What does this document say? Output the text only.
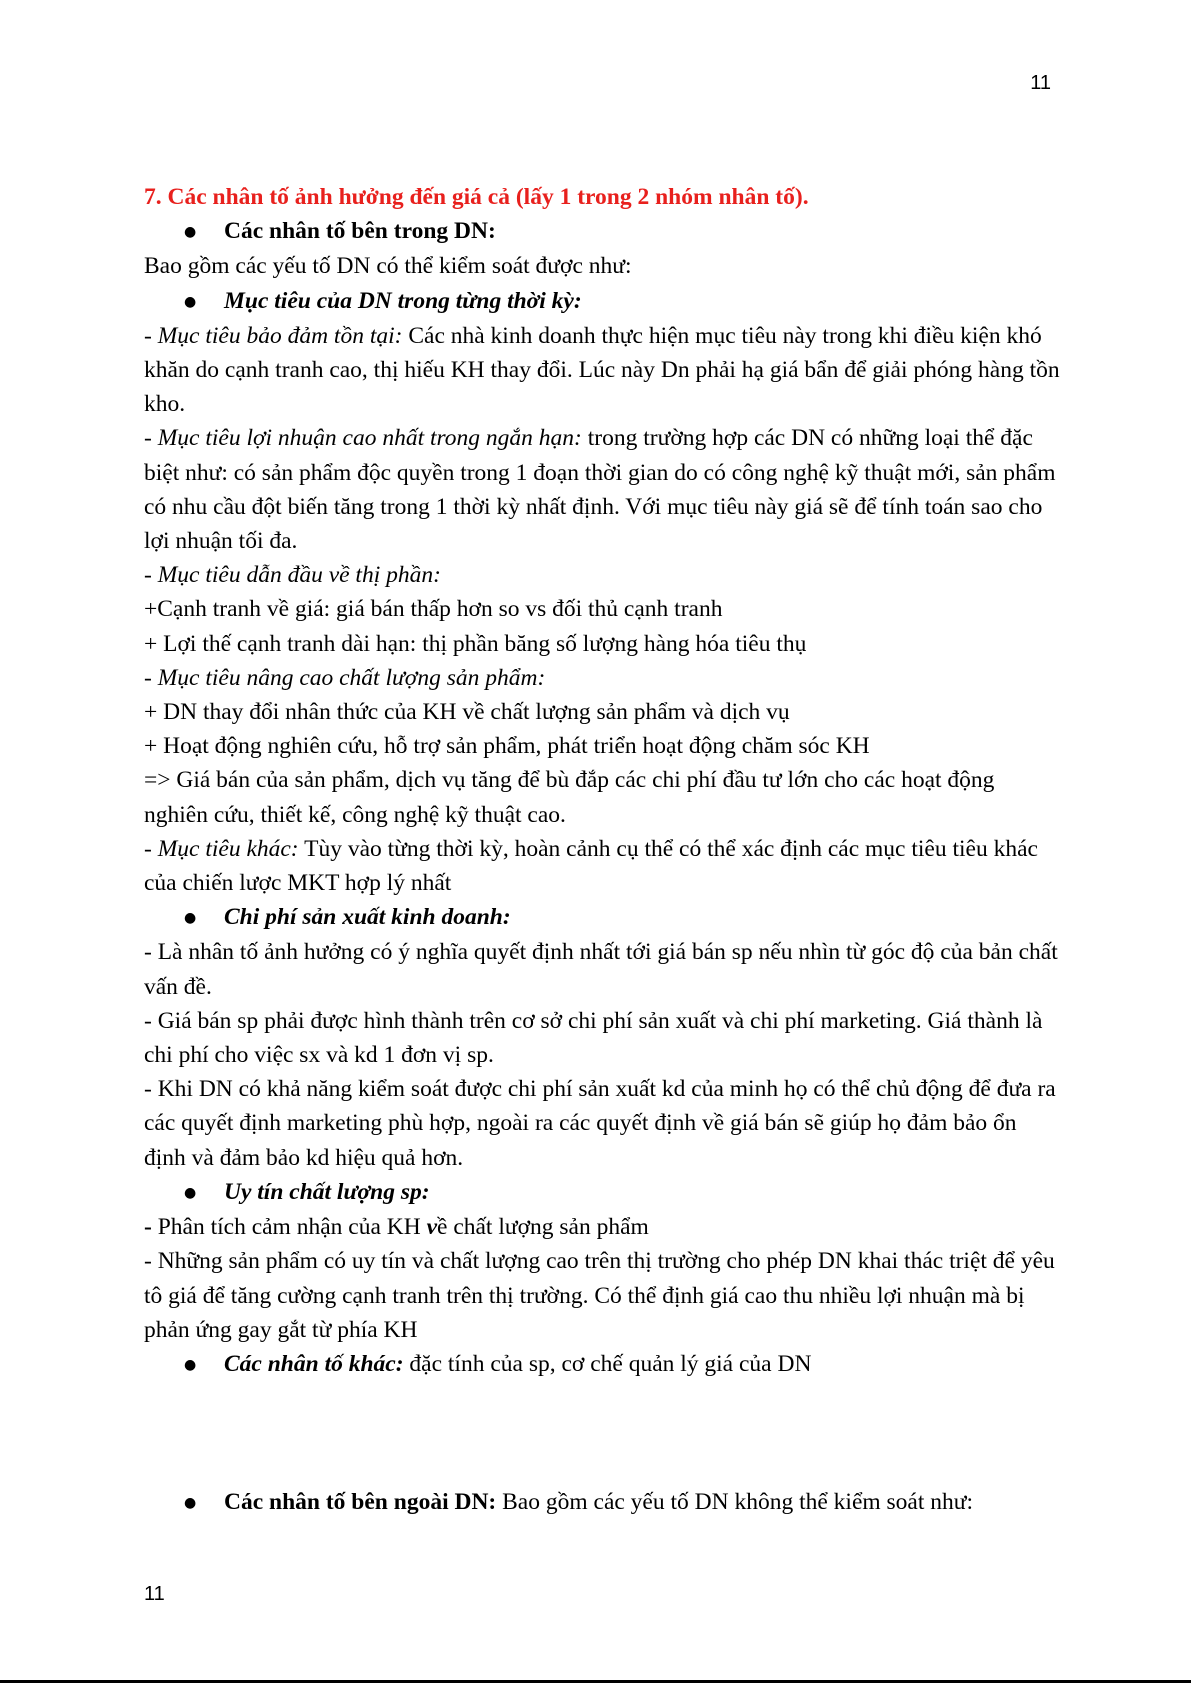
11

7. Các nhân tố ảnh hưởng đến giá cả (lấy 1 trong 2 nhóm nhân tố).

● Các nhân tố bên trong DN:

Bao gồm các yếu tố DN có thể kiểm soát được như:

● Mục tiêu của DN trong từng thời kỳ:

- Mục tiêu bảo đảm tồn tại: Các nhà kinh doanh thực hiện mục tiêu này trong khi điều kiện khó khăn do cạnh tranh cao, thị hiếu KH thay đổi. Lúc này Dn phải hạ giá bẩn để giải phóng hàng tồn kho.

- Mục tiêu lợi nhuận cao nhất trong ngắn hạn: trong trường hợp các DN có những loại thể đặc biệt như: có sản phẩm độc quyền trong 1 đoạn thời gian do có công nghệ kỹ thuật mới, sản phẩm có nhu cầu đột biến tăng trong 1 thời kỳ nhất định. Với mục tiêu này giá sẽ để tính toán sao cho lợi nhuận tối đa.

- Mục tiêu dẫn đầu về thị phần:

+Cạnh tranh về giá: giá bán thấp hơn so vs đối thủ cạnh tranh

+ Lợi thế cạnh tranh dài hạn: thị phần băng số lượng hàng hóa tiêu thụ

- Mục tiêu nâng cao chất lượng sản phẩm:

+ DN thay đổi nhân thức của KH về chất lượng sản phẩm và dịch vụ

+ Hoạt động nghiên cứu, hỗ trợ sản phẩm, phát triển hoạt động chăm sóc KH

=> Giá bán của sản phẩm, dịch vụ tăng để bù đắp các chi phí đầu tư lớn cho các hoạt động nghiên cứu, thiết kế, công nghệ kỹ thuật cao.

- Mục tiêu khác: Tùy vào từng thời kỳ, hoàn cảnh cụ thể có thể xác định các mục tiêu tiêu khác của chiến lược MKT hợp lý nhất

● Chi phí sản xuất kinh doanh:

- Là nhân tố ảnh hưởng có ý nghĩa quyết định nhất tới giá bán sp nếu nhìn từ góc độ của bản chất vấn đề.

- Giá bán sp phải được hình thành trên cơ sở chi phí sản xuất và chi phí marketing. Giá thành là chi phí cho việc sx và kd 1 đơn vị sp.

- Khi DN có khả năng kiểm soát được chi phí sản xuất kd của minh họ có thể chủ động để đưa ra các quyết định marketing phù hợp, ngoài ra các quyết định về giá bán sẽ giúp họ đảm bảo ổn định và đảm bảo kd hiệu quả hơn.

● Uy tín chất lượng sp:

- Phân tích cảm nhận của KH về chất lượng sản phẩm

- Những sản phẩm có uy tín và chất lượng cao trên thị trường cho phép DN khai thác triệt để yêu tô giá để tăng cường cạnh tranh trên thị trường. Có thể định giá cao thu nhiều lợi nhuận mà bị phản ứng gay gắt từ phía KH

● Các nhân tố khác: đặc tính của sp, cơ chế quản lý giá của DN

● Các nhân tố bên ngoài DN: Bao gồm các yếu tố DN không thể kiểm soát như:

11
